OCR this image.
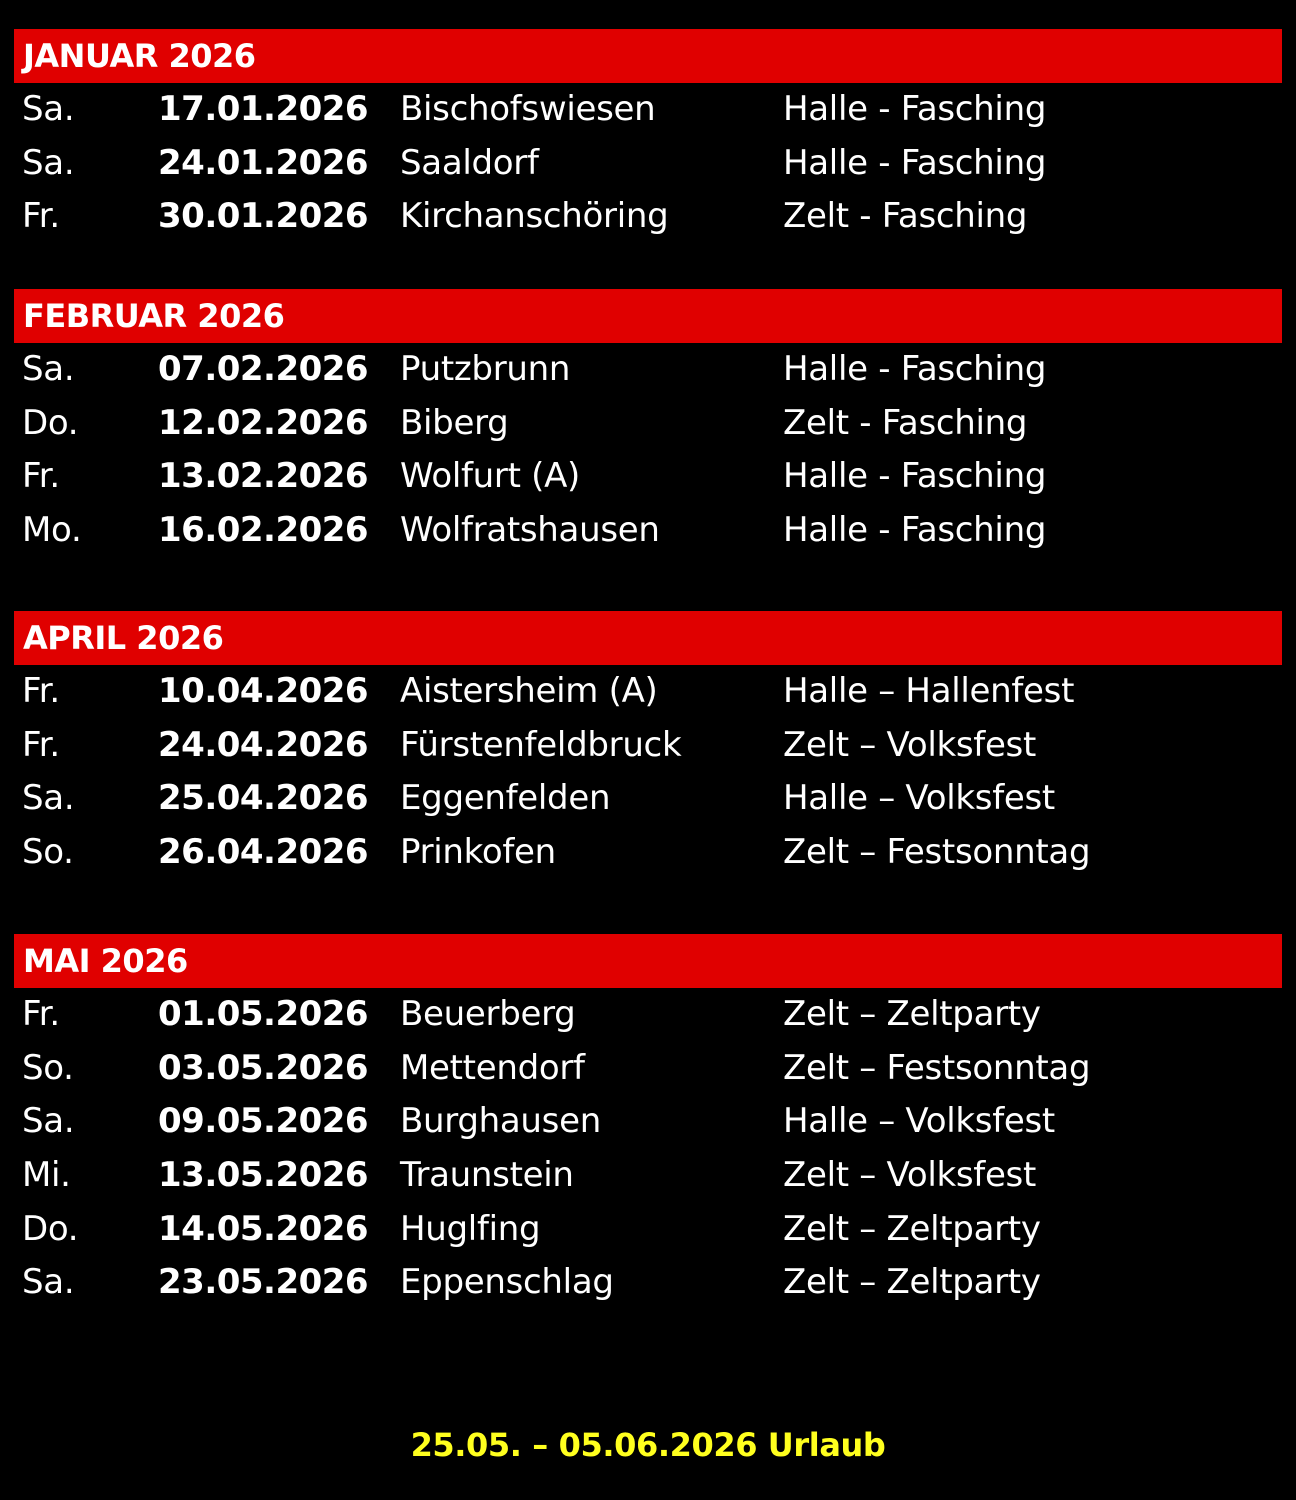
JANUAR 2026
Sa. 17.01.2026 Bischofswiesen	Halle - Fasching
Sa. 24.01.2026 Saaldorf	Halle - Fasching
Fr.	30.01.2026 Kirchanschöring	Zelt - Fasching
FEBRUAR 2026
Sa. 07.02.2026 Putzbrunn	Halle - Fasching
Do. 12.02.2026 Biberg	Zelt - Fasching
Fr.	13.02.2026 Wolfurt (A)	Halle - Fasching
Mo. 16.02.2026 Wolfratshausen	Halle - Fasching
APRIL 2026
Fr.	10.04.2026 Aistersheim (A)	Halle – Hallenfest
Fr.	24.04.2026 Fürstenfeldbruck	Zelt – Volksfest
Sa. 25.04.2026 Eggenfelden	Halle – Volksfest
So. 26.04.2026 Prinkofen	Zelt – Festsonntag
MAI 2026
Fr.	01.05.2026 Beuerberg	Zelt – Zeltparty
So. 03.05.2026 Mettendorf	Zelt – Festsonntag
Sa. 09.05.2026 Burghausen	Halle – Volksfest
Mi.	13.05.2026 Traunstein	Zelt – Volksfest
Do. 14.05.2026 Huglfing	Zelt – Zeltparty
Sa. 23.05.2026 Eppenschlag	Zelt – Zeltparty
25.05. – 05.06.2026 Urlaub
